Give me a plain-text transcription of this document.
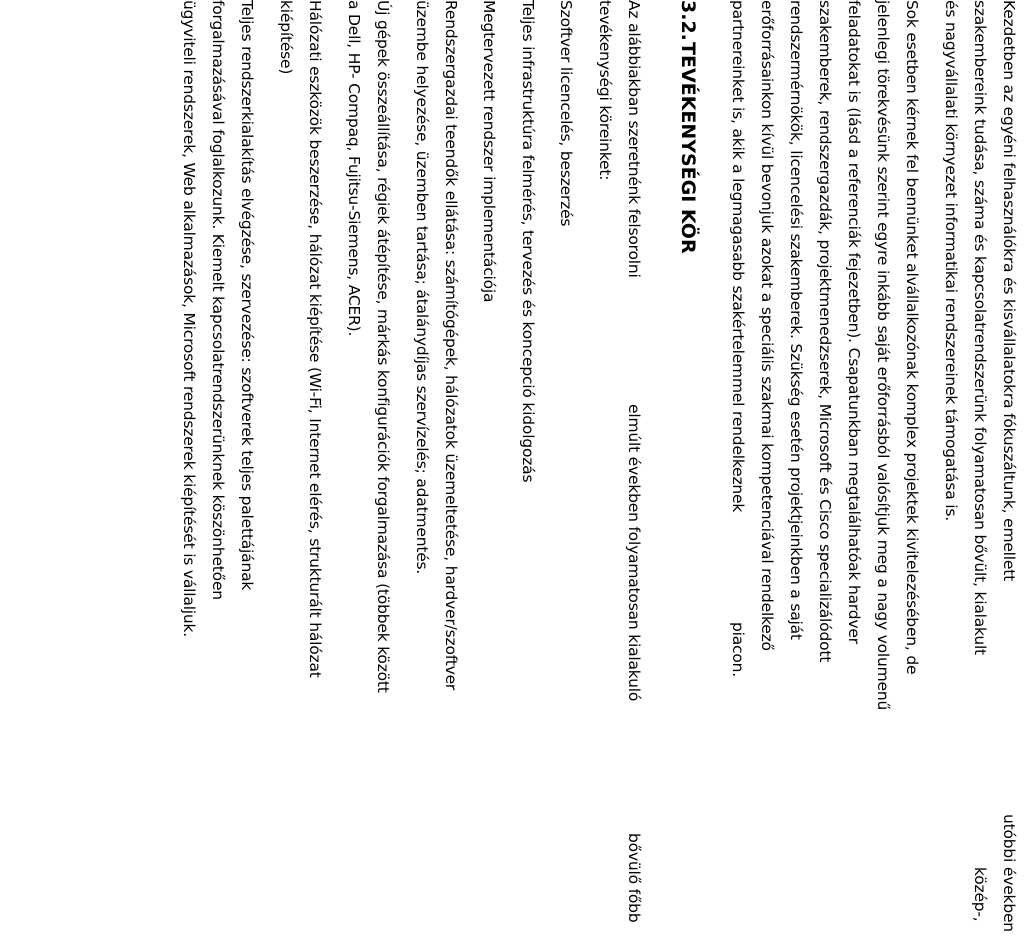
Kezdetben az egyéni felhasználókra és kisvállalatokra fókuszáltunk, emellett
utóbbi években
szakembereink tudása, száma és kapcsolatrendszerünk folyamatosan bővült, kialakult
közép-,
és nagyvállalati környezet informatikai rendszereinek támogatása is.
Sok esetben kérnek fel bennünket alvállalkozónak komplex projektek kivitelezésében, de
jelenlegi törekvésünk szerint egyre inkább saját erőforrásból valósítjuk meg a nagy volumenű
feladatokat is (lásd a referenciák fejezetben). Csapatunkban megtalálhatóak hardver
szakemberek, rendszergazdák, projektmenedzserek, Microsoft és Cisco specializálódott
rendszermérnökök, licencelési szakemberek. Szükség esetén projektjeinkben a saját
erőforrásainkon kívül bevonjuk azokat a speciális szakmai kompetenciával rendelkező
partnereinket is, akik a legmagasabb szakértelemmel rendelkeznek
piacon.
3.2.
TEVÉKENYSÉGI KÖR
Az alábbiakban szeretnénk felsorolni
elmúlt években folyamatosan kialakuló
bővülő főbb
tevékenységi köreinket:
Szoftver licencelés, beszerzés
Teljes infrastruktúra felmérés, tervezés és koncepció kidolgozás
Megtervezett rendszer implementációja
Rendszergazdai teendők ellátása: számítógépek, hálózatok üzemeltetése, hardver/szoftver
üzembe helyezése, üzemben tartása; átalánydíjas szervízelés; adatmentés.
Új gépek összeállítása, régiek átépítése, márkás konfigurációk forgalmazása (többek között
a Dell, HP- Compaq, Fujitsu-Siemens, ACER).
Hálózati eszközök beszerzése, hálózat kiépítése (Wi-Fi, Internet elérés, strukturált hálózat
kiépítése)
Teljes rendszerkialakítás elvégzése, szervezése: szoftverek teljes palettájának
forgalmazásával foglalkozunk. Kiemelt kapcsolatrendszerünknek köszönhetően
ügyviteli rendszerek, Web alkalmazások, Microsoft rendszerek kiépítését is vállaljuk.
